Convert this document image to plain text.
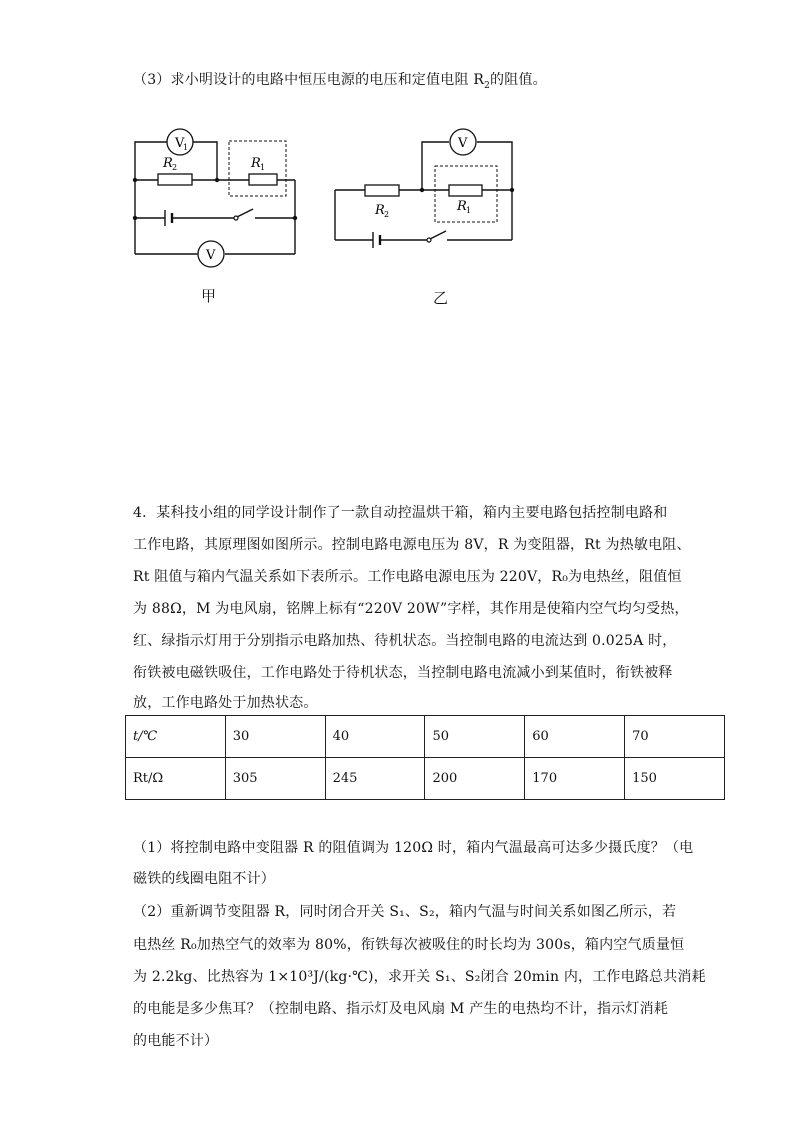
（3）求小明设计的电路中恒压电源的电压和定值电阻 $R_2$的阻值。
V
1
V
R 2	R 1
甲
V
R 2
R 1
乙
4．某科技小组的同学设计制作了一款自动控温烘干箱，箱内主要电路包括控制电路和
工作电路，其原理图如图所示。控制电路电源电压为 8V，R 为变阻器，Rt 为热敏电阻、
Rt 阻值与箱内气温关系如下表所示。工作电路电源电压为 220V，R₀为电热丝，阻值恒
为 88Ω，M 为电风扇，铭牌上标有“220V 20W”字样，其作用是使箱内空气均匀受热，
红、绿指示灯用于分别指示电路加热、待机状态。当控制电路的电流达到 0.025A 时，
衔铁被电磁铁吸住，工作电路处于待机状态，当控制电路电流减小到某值时，衔铁被释
放，工作电路处于加热状态。
t/℃	30	40	50	60	70
Rt/Ω	305	245	200	170	150
（1）将控制电路中变阻器 R 的阻值调为 120Ω 时，箱内气温最高可达多少摄氏度？（电
磁铁的线圈电阻不计）
（2）重新调节变阻器 R，同时闭合开关 S₁、S₂，箱内气温与时间关系如图乙所示，若
电热丝 R₀加热空气的效率为 80%，衔铁每次被吸住的时长均为 300s，箱内空气质量恒
为 2.2kg、比热容为 1×10³J/(kg·℃)，求开关 S₁、S₂闭合 20min 内，工作电路总共消耗
的电能是多少焦耳？（控制电路、指示灯及电风扇 M 产生的电热均不计，指示灯消耗
的电能不计）
